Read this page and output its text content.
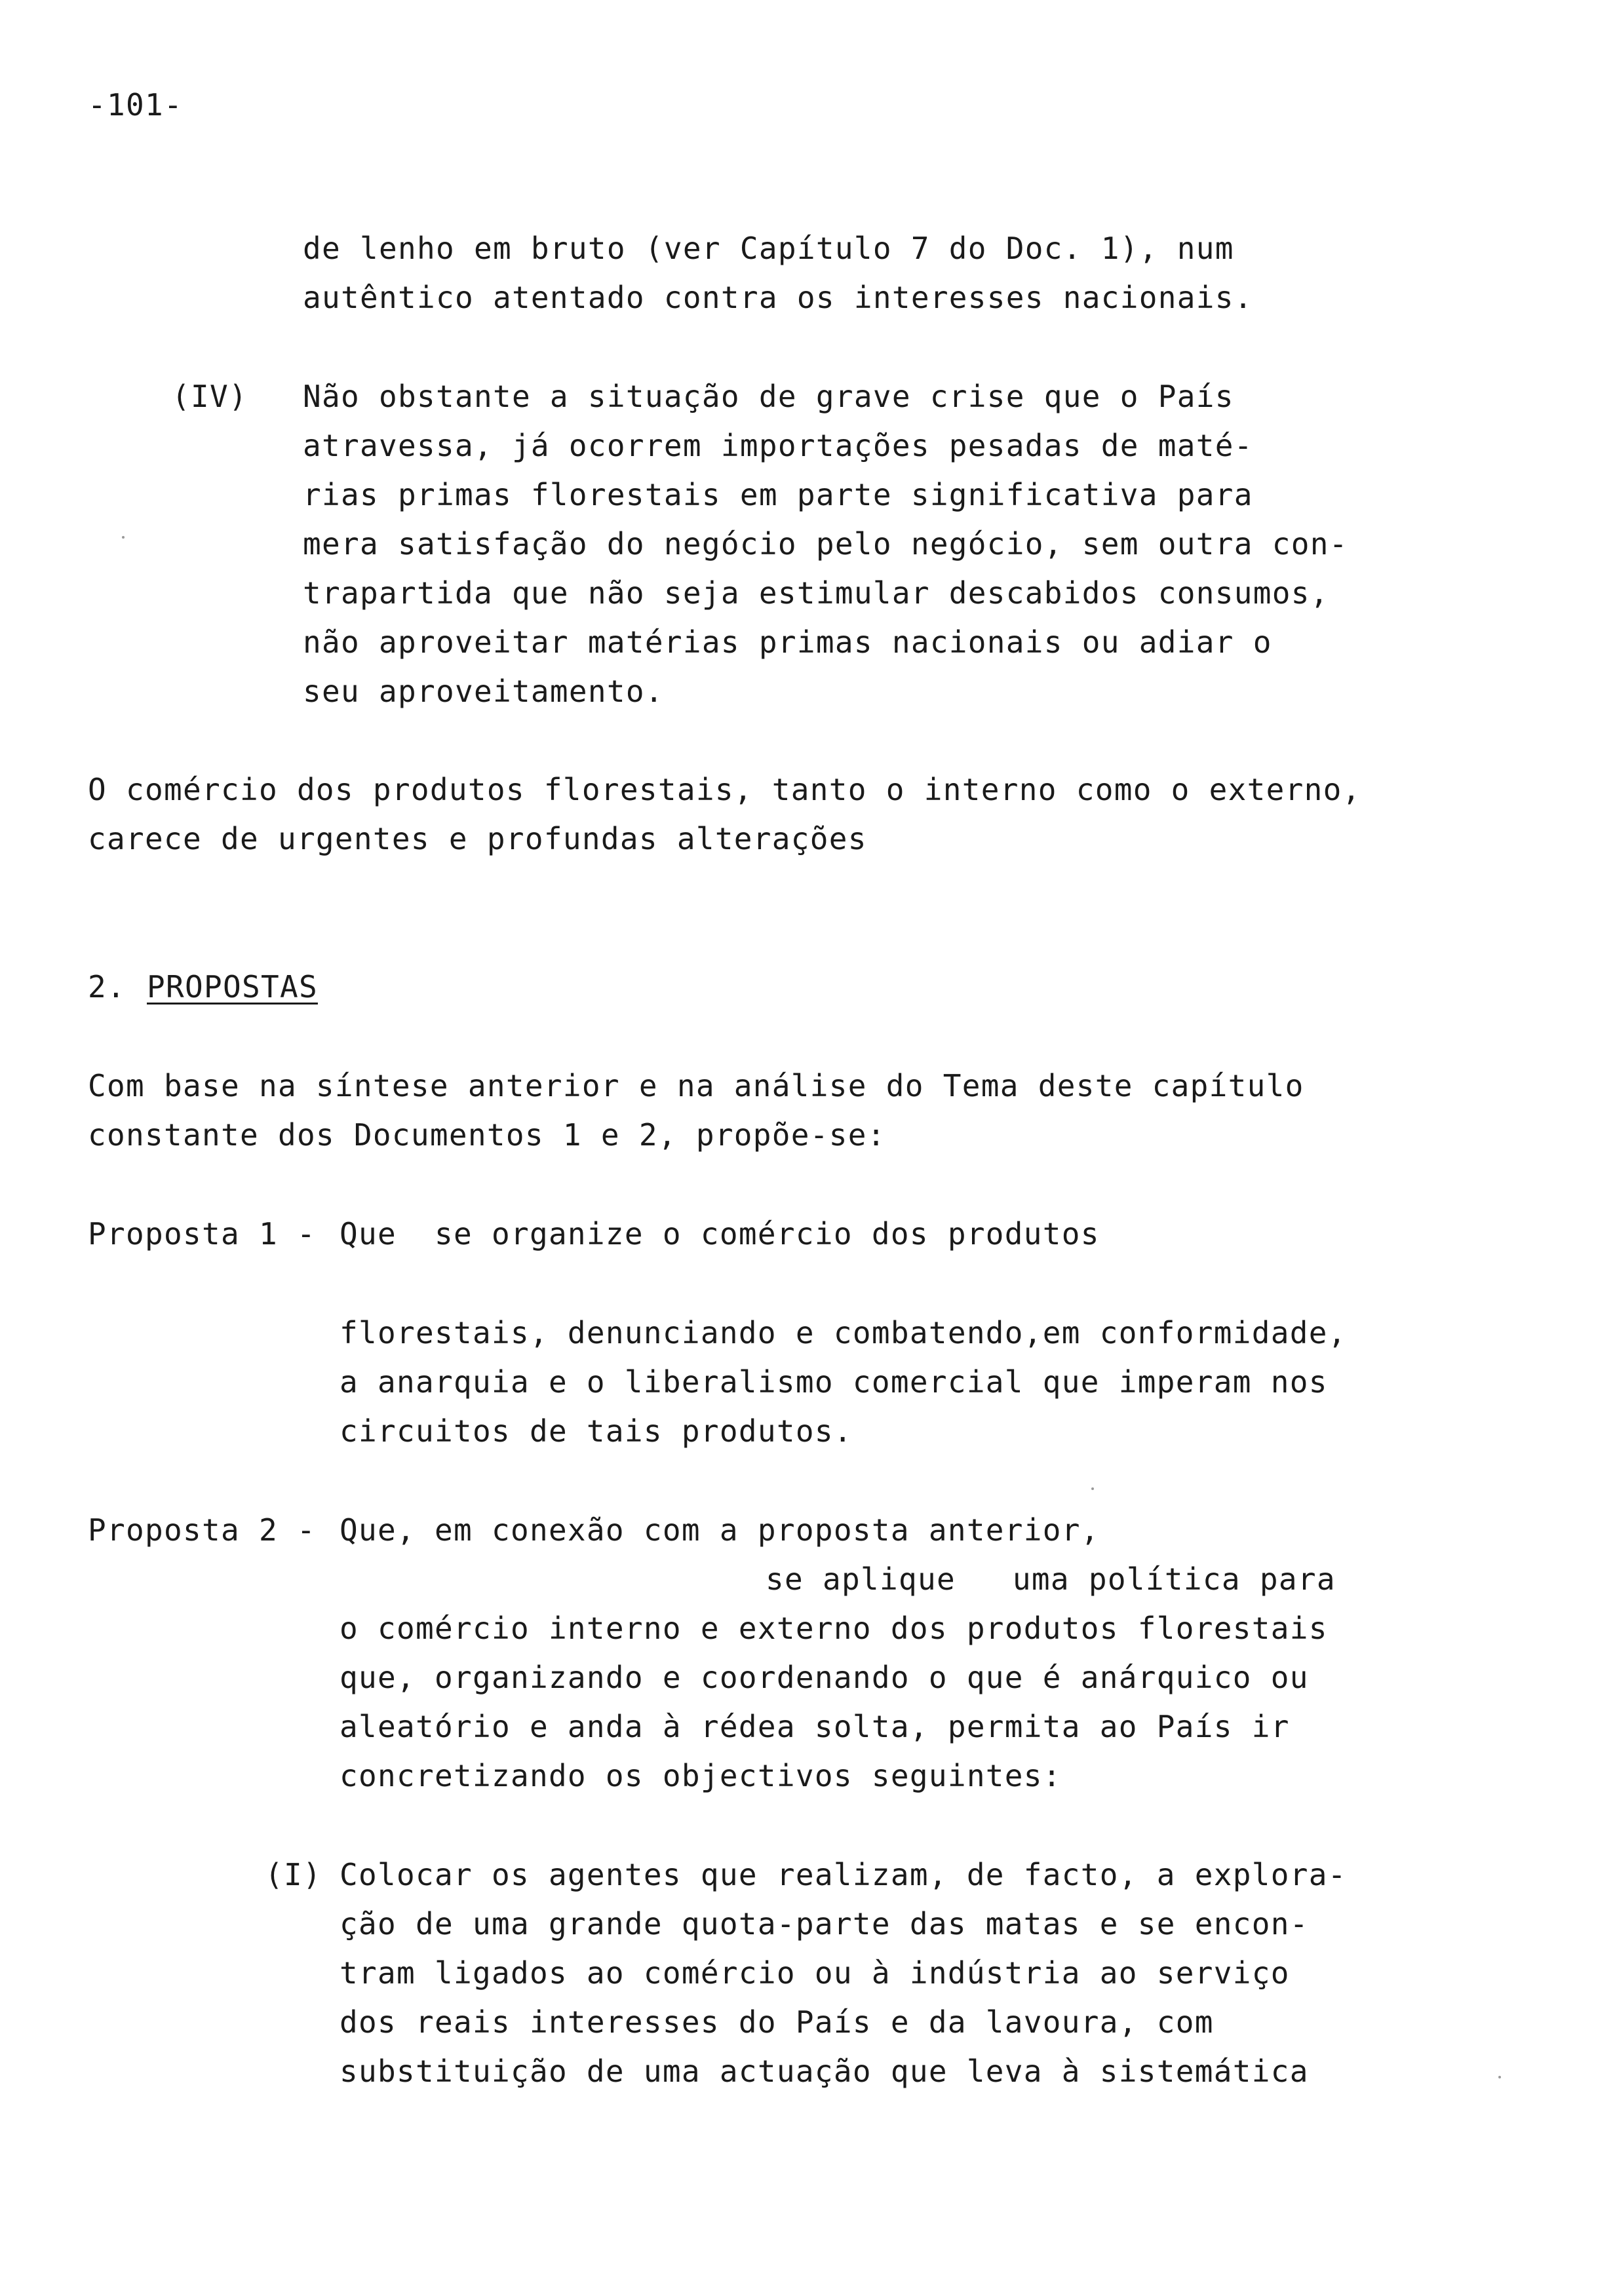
-101-
de lenho em bruto (ver Capítulo 7 do Doc. 1), num
autêntico atentado contra os interesses nacionais.
(IV) Não obstante a situação de grave crise que o País
atravessa, já ocorrem importações pesadas de maté-
rias primas florestais em parte significativa para
mera satisfação do negócio pelo negócio, sem outra con-
trapartida que não seja estimular descabidos consumos,
não aproveitar matérias primas nacionais ou adiar o
seu aproveitamento.
O comércio dos produtos florestais, tanto o interno como o externo,
carece de urgentes e profundas alterações
2. PROPOSTAS
Com base na síntese anterior e na análise do Tema deste capítulo
constante dos Documentos 1 e 2, propõe-se:
Proposta 1 - Que  se organize o comércio dos produtos
florestais, denunciando e combatendo,em conformidade,
a anarquia e o liberalismo comercial que imperam nos
circuitos de tais produtos.
Proposta 2 - Que, em conexão com a proposta anterior,
se aplique   uma política para
o comércio interno e externo dos produtos florestais
que, organizando e coordenando o que é anárquico ou
aleatório e anda à rédea solta, permita ao País ir
concretizando os objectivos seguintes:
(I) Colocar os agentes que realizam, de facto, a explora-
ção de uma grande quota-parte das matas e se encon-
tram ligados ao comércio ou à indústria ao serviço
dos reais interesses do País e da lavoura, com
substituição de uma actuação que leva à sistemática
